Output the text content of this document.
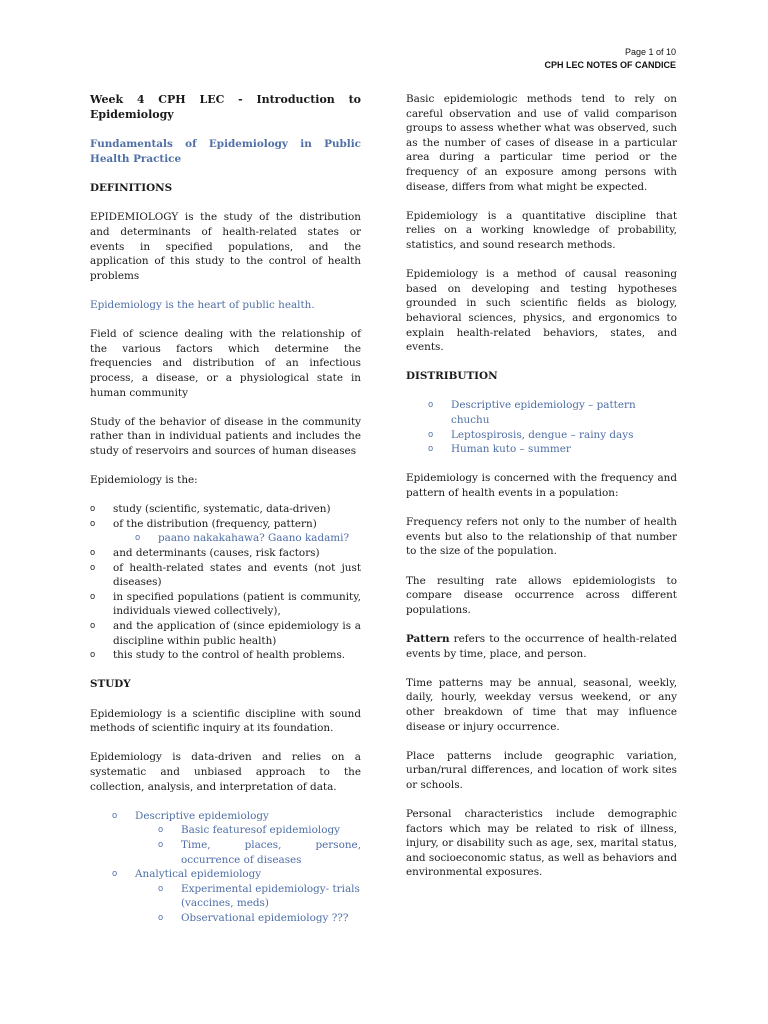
Page 1 of 10
CPH LEC NOTES OF CANDICE

Week 4 CPH LEC - Introduction to Epidemiology

Fundamentals of Epidemiology in Public Health Practice

DEFINITIONS

EPIDEMIOLOGY is the study of the distribution and determinants of health-related states or events in specified populations, and the application of this study to the control of health problems

Epidemiology is the heart of public health.

Field of science dealing with the relationship of the various factors which determine the frequencies and distribution of an infectious process, a disease, or a physiological state in human community

Study of the behavior of disease in the community rather than in individual patients and includes the study of reservoirs and sources of human diseases

Epidemiology is the:

o study (scientific, systematic, data-driven)
o of the distribution (frequency, pattern)
o paano nakakahawa? Gaano kadami?
o and determinants (causes, risk factors)
o of health-related states and events (not just diseases)
o in specified populations (patient is community, individuals viewed collectively),
o and the application of (since epidemiology is a discipline within public health)
o this study to the control of health problems.

STUDY

Epidemiology is a scientific discipline with sound methods of scientific inquiry at its foundation.

Epidemiology is data-driven and relies on a systematic and unbiased approach to the collection, analysis, and interpretation of data.

o Descriptive epidemiology
o Basic featuresof epidemiology
o Time, places, persone, occurrence of diseases
o Analytical epidemiology
o Experimental epidemiology- trials (vaccines, meds)
o Observational epidemiology ???

Basic epidemiologic methods tend to rely on careful observation and use of valid comparison groups to assess whether what was observed, such as the number of cases of disease in a particular area during a particular time period or the frequency of an exposure among persons with disease, differs from what might be expected.

Epidemiology is a quantitative discipline that relies on a working knowledge of probability, statistics, and sound research methods.

Epidemiology is a method of causal reasoning based on developing and testing hypotheses grounded in such scientific fields as biology, behavioral sciences, physics, and ergonomics to explain health-related behaviors, states, and events.

DISTRIBUTION

o Descriptive epidemiology – pattern chuchu
o Leptospirosis, dengue – rainy days
o Human kuto – summer

Epidemiology is concerned with the frequency and pattern of health events in a population:

Frequency refers not only to the number of health events but also to the relationship of that number to the size of the population.

The resulting rate allows epidemiologists to compare disease occurrence across different populations.

Pattern refers to the occurrence of health-related events by time, place, and person.

Time patterns may be annual, seasonal, weekly, daily, hourly, weekday versus weekend, or any other breakdown of time that may influence disease or injury occurrence.

Place patterns include geographic variation, urban/rural differences, and location of work sites or schools.

Personal characteristics include demographic factors which may be related to risk of illness, injury, or disability such as age, sex, marital status, and socioeconomic status, as well as behaviors and environmental exposures.
